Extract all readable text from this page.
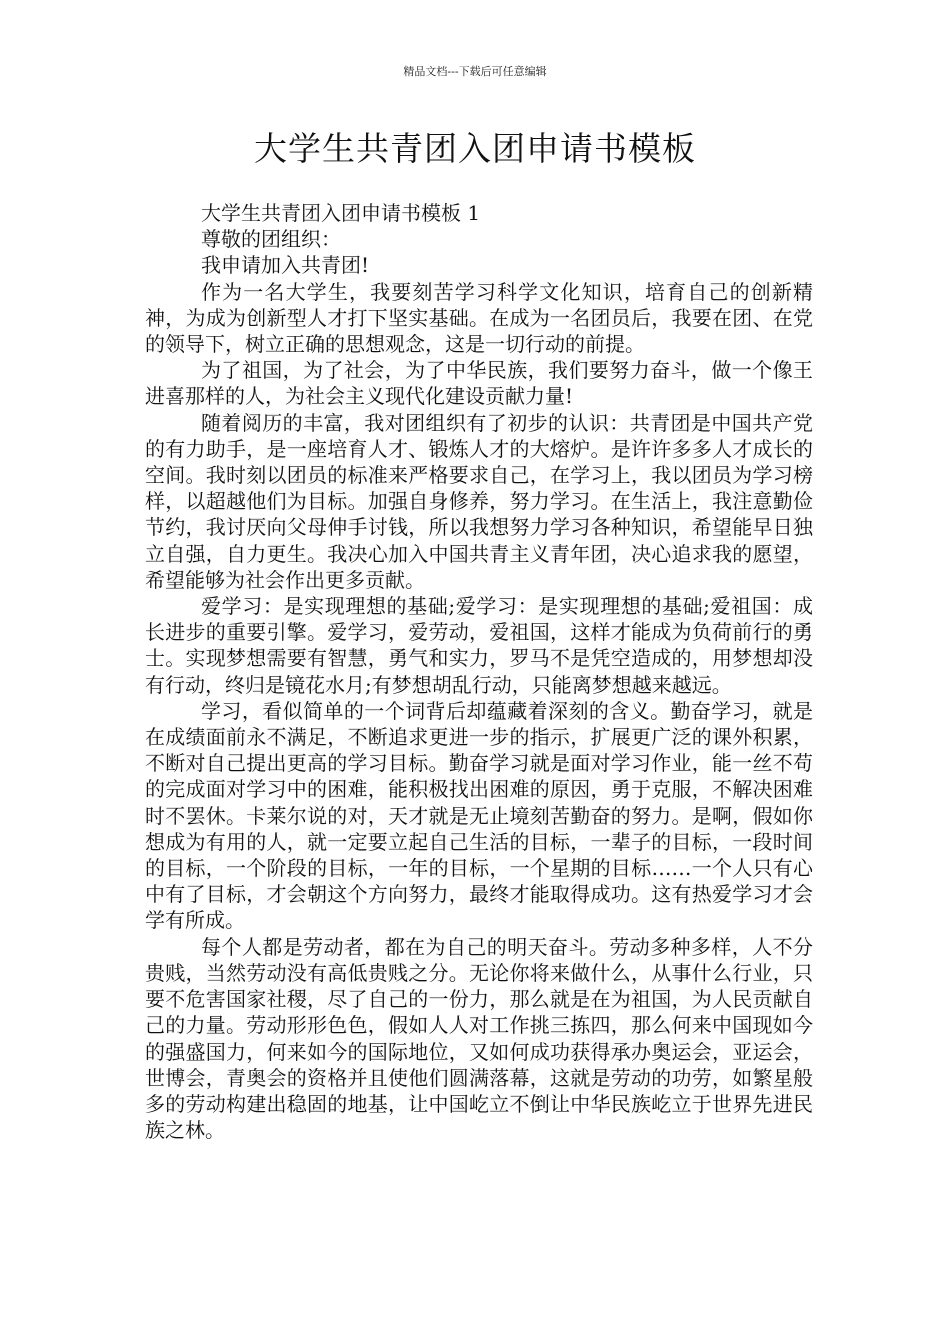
精品文档---下载后可任意编辑
大学生共青团入团申请书模板

大学生共青团入团申请书模板 1

尊敬的团组织：

我申请加入共青团!

作为一名大学生，我要刻苦学习科学文化知识，培育自己的创新精神，为成为创新型人才打下坚实基础。在成为一名团员后，我要在团、在党的领导下，树立正确的思想观念，这是一切行动的前提。

为了祖国，为了社会，为了中华民族，我们要努力奋斗，做一个像王进喜那样的人，为社会主义现代化建设贡献力量!

随着阅历的丰富，我对团组织有了初步的认识：共青团是中国共产党的有力助手，是一座培育人才、锻炼人才的大熔炉。是许许多多人才成长的空间。我时刻以团员的标准来严格要求自己，在学习上，我以团员为学习榜样，以超越他们为目标。加强自身修养，努力学习。在生活上，我注意勤俭节约，我讨厌向父母伸手讨钱，所以我想努力学习各种知识，希望能早日独立自强，自力更生。我决心加入中国共青主义青年团，决心追求我的愿望，希望能够为社会作出更多贡献。

爱学习：是实现理想的基础;爱学习：是实现理想的基础;爱祖国：成长进步的重要引擎。爱学习，爱劳动，爱祖国，这样才能成为负荷前行的勇士。实现梦想需要有智慧，勇气和实力，罗马不是凭空造成的，用梦想却没有行动，终归是镜花水月;有梦想胡乱行动，只能离梦想越来越远。

学习，看似简单的一个词背后却蕴藏着深刻的含义。勤奋学习，就是在成绩面前永不满足，不断追求更进一步的指示，扩展更广泛的课外积累，不断对自己提出更高的学习目标。勤奋学习就是面对学习作业，能一丝不苟的完成面对学习中的困难，能积极找出困难的原因，勇于克服，不解决困难时不罢休。卡莱尔说的对，天才就是无止境刻苦勤奋的努力。是啊，假如你想成为有用的人，就一定要立起自己生活的目标，一辈子的目标，一段时间的目标，一个阶段的目标，一年的目标，一个星期的目标……一个人只有心中有了目标，才会朝这个方向努力，最终才能取得成功。这有热爱学习才会学有所成。

每个人都是劳动者，都在为自己的明天奋斗。劳动多种多样，人不分贵贱，当然劳动没有高低贵贱之分。无论你将来做什么，从事什么行业，只要不危害国家社稷，尽了自己的一份力，那么就是在为祖国，为人民贡献自己的力量。劳动形形色色，假如人人对工作挑三拣四，那么何来中国现如今的强盛国力，何来如今的国际地位，又如何成功获得承办奥运会，亚运会，世博会，青奥会的资格并且使他们圆满落幕，这就是劳动的功劳，如繁星般多的劳动构建出稳固的地基，让中国屹立不倒让中华民族屹立于世界先进民族之林。
